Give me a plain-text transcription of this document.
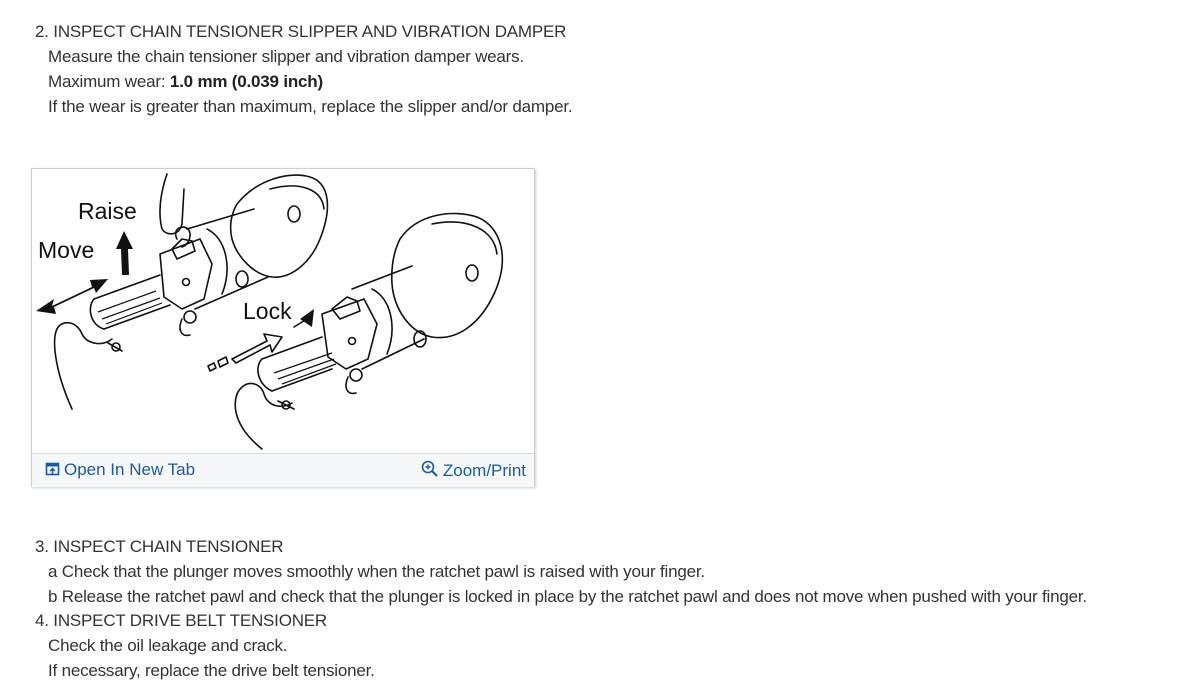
2. INSPECT CHAIN TENSIONER SLIPPER AND VIBRATION DAMPER
Measure the chain tensioner slipper and vibration damper wears.
Maximum wear: 1.0 mm (0.039 inch)
If the wear is greater than maximum, replace the slipper and/or damper.
Raise
Move
Lock
Open In New Tab	Zoom/Print
3. INSPECT CHAIN TENSIONER
a Check that the plunger moves smoothly when the ratchet pawl is raised with your finger.
b Release the ratchet pawl and check that the plunger is locked in place by the ratchet pawl and does not move when pushed with your finger.
4. INSPECT DRIVE BELT TENSIONER
Check the oil leakage and crack.
If necessary, replace the drive belt tensioner.
